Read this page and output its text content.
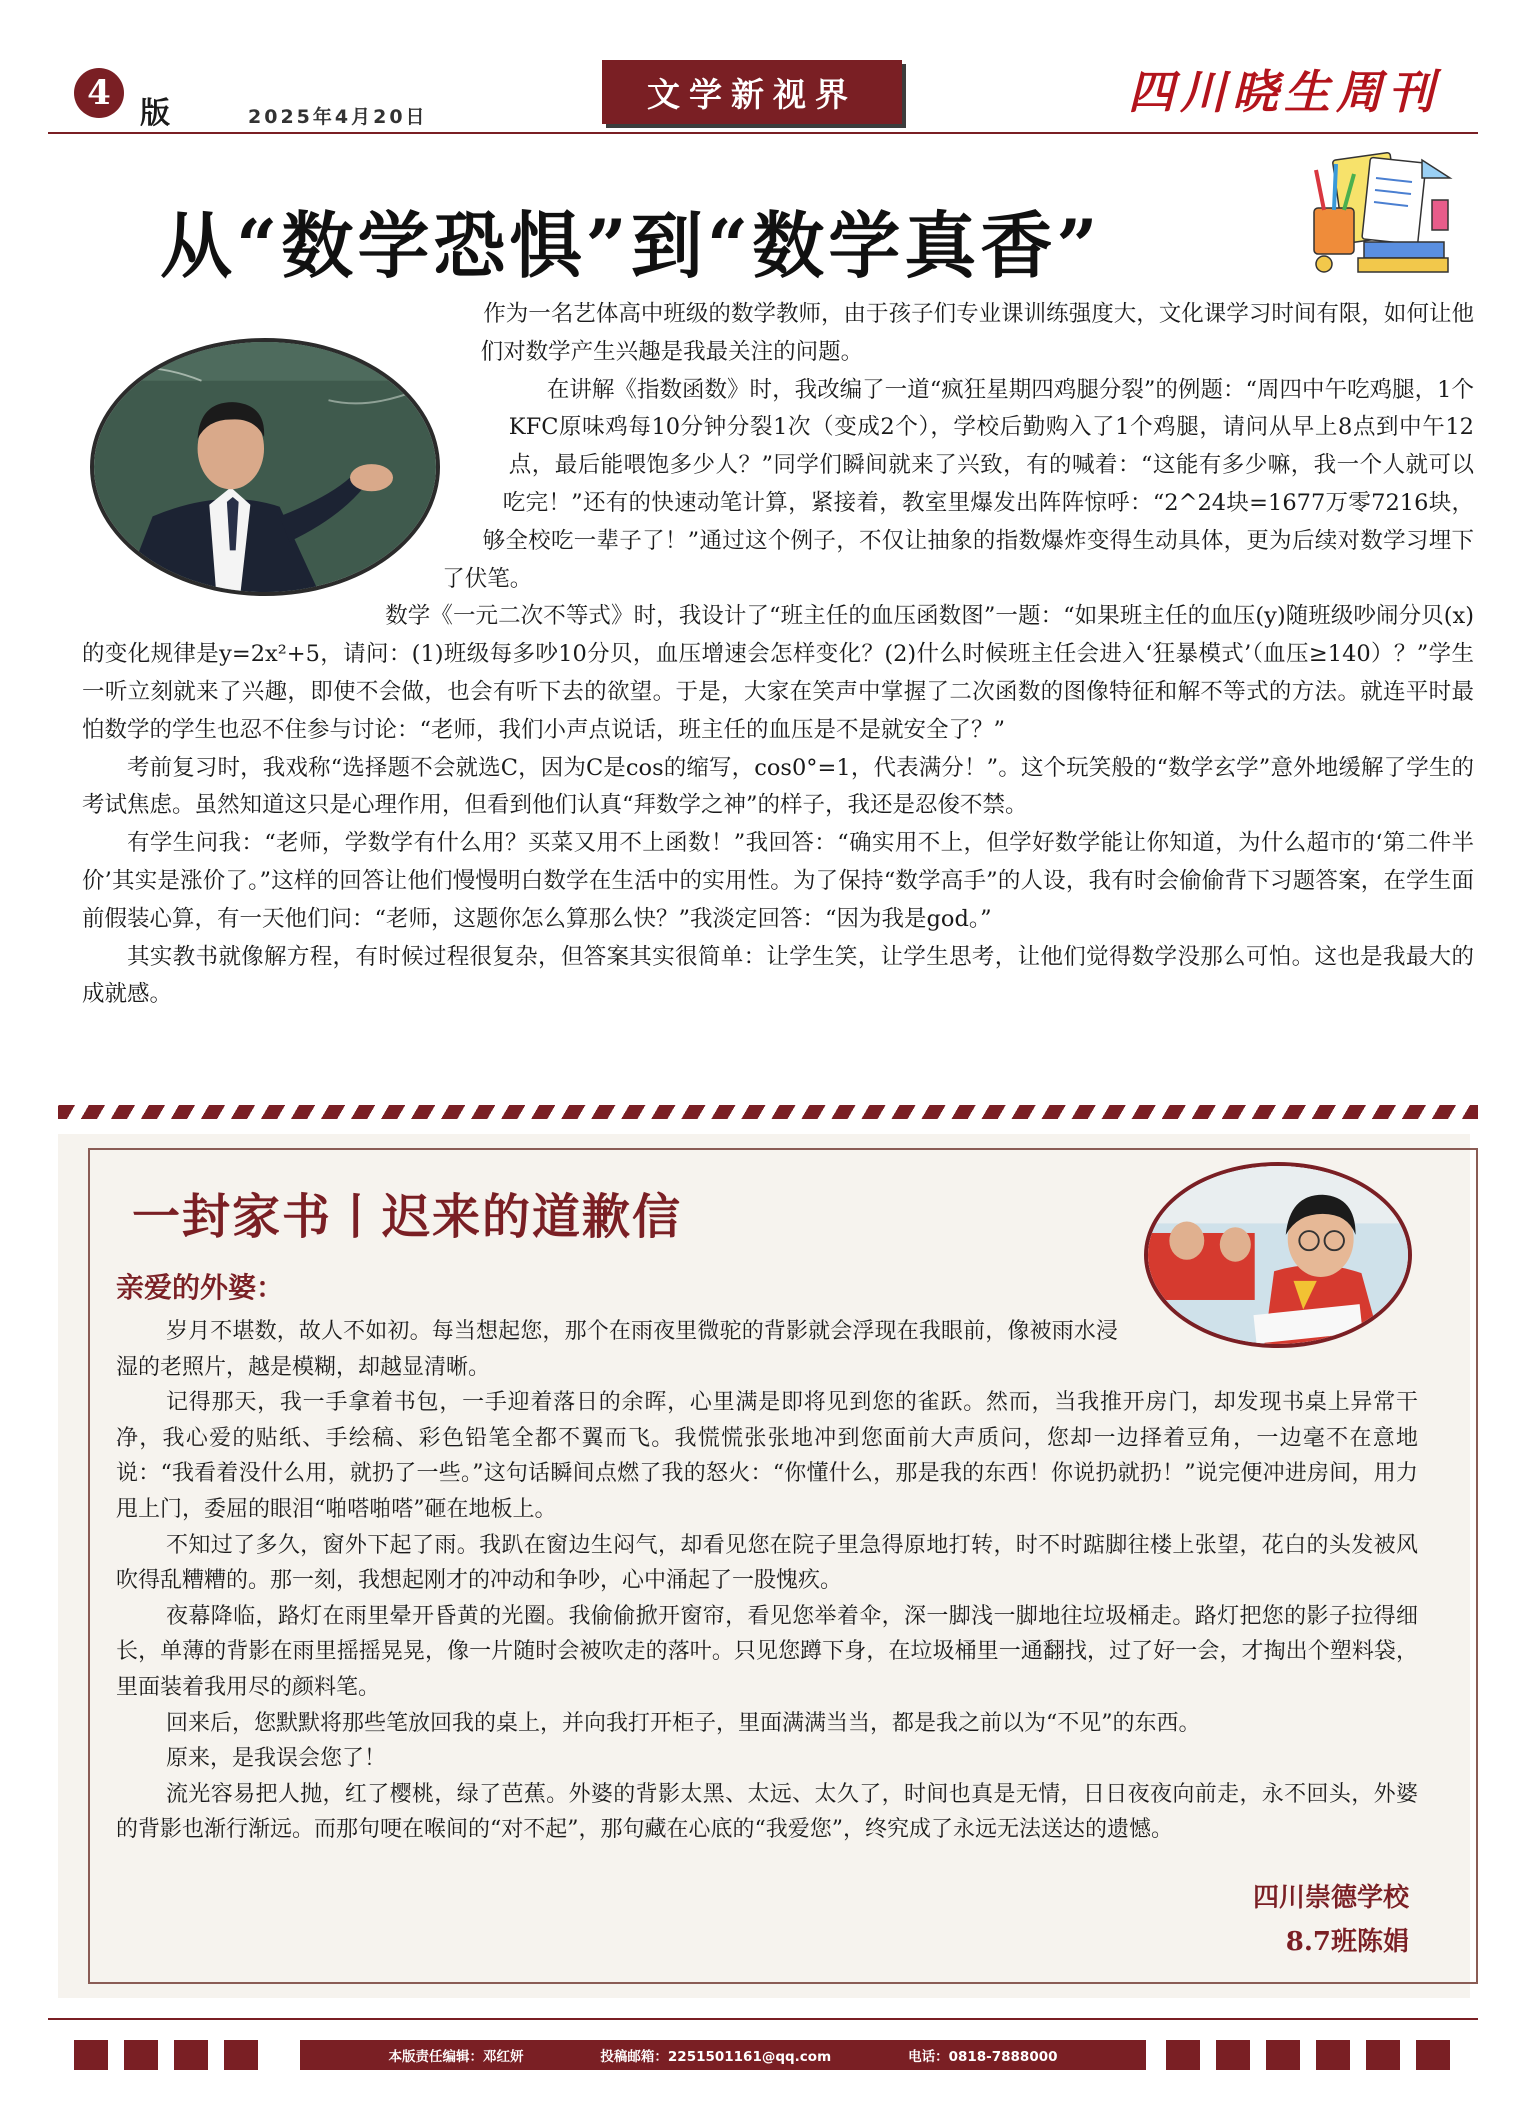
4
版	2025年4月20日
文学新视界	四川晓生周刊
从“数学恐惧”到“数学真香”

作为一名艺体高中班级的数学教师，由于孩子们专业课训练强度大，文化课学习时间有限，如何让他们对数学产生兴趣是我最关注的问题。

在讲解《指数函数》时，我改编了一道“疯狂星期四鸡腿分裂”的例题：“周四中午吃鸡腿，1个KFC原味鸡每10分钟分裂1次（变成2个），学校后勤购入了1个鸡腿，请问从早上8点到中午12点，最后能喂饱多少人？”同学们瞬间就来了兴致，有的喊着：“这能有多少嘛，我一个人就可以吃完！”还有的快速动笔计算，紧接着，教室里爆发出阵阵惊呼：“2^24块=1677万零7216块，够全校吃一辈子了！”通过这个例子，不仅让抽象的指数爆炸变得生动具体，更为后续对数学习埋下了伏笔。

数学《一元二次不等式》时，我设计了“班主任的血压函数图”一题：“如果班主任的血压(y)随班级吵闹分贝(x)的变化规律是y=2x²+5，请问：(1)班级每多吵10分贝，血压增速会怎样变化？(2)什么时候班主任会进入‘狂暴模式’（血压≥140）？”学生一听立刻就来了兴趣，即使不会做，也会有听下去的欲望。于是，大家在笑声中掌握了二次函数的图像特征和解不等式的方法。就连平时最怕数学的学生也忍不住参与讨论：“老师，我们小声点说话，班主任的血压是不是就安全了？”

考前复习时，我戏称“选择题不会就选C，因为C是cos的缩写，cos0°=1，代表满分！”。这个玩笑般的“数学玄学”意外地缓解了学生的考试焦虑。虽然知道这只是心理作用，但看到他们认真“拜数学之神”的样子，我还是忍俊不禁。

有学生问我：“老师，学数学有什么用？买菜又用不上函数！”我回答：“确实用不上，但学好数学能让你知道，为什么超市的‘第二件半价’其实是涨价了。”这样的回答让他们慢慢明白数学在生活中的实用性。为了保持“数学高手”的人设，我有时会偷偷背下习题答案，在学生面前假装心算，有一天他们问：“老师，这题你怎么算那么快？”我淡定回答：“因为我是god。”

其实教书就像解方程，有时候过程很复杂，但答案其实很简单：让学生笑，让学生思考，让他们觉得数学没那么可怕。这也是我最大的成就感。

一封家书丨迟来的道歉信
亲爱的外婆：

岁月不堪数，故人不如初。每当想起您，那个在雨夜里微驼的背影就会浮现在我眼前，像被雨水浸湿的老照片，越是模糊，却越显清晰。

记得那天，我一手拿着书包，一手迎着落日的余晖，心里满是即将见到您的雀跃。然而，当我推开房门，却发现书桌上异常干净，我心爱的贴纸、手绘稿、彩色铅笔全都不翼而飞。我慌慌张张地冲到您面前大声质问，您却一边择着豆角，一边毫不在意地说：“我看着没什么用，就扔了一些。”这句话瞬间点燃了我的怒火：“你懂什么，那是我的东西！你说扔就扔！”说完便冲进房间，用力甩上门，委屈的眼泪“啪嗒啪嗒”砸在地板上。

不知过了多久，窗外下起了雨。我趴在窗边生闷气，却看见您在院子里急得原地打转，时不时踮脚往楼上张望，花白的头发被风吹得乱糟糟的。那一刻，我想起刚才的冲动和争吵，心中涌起了一股愧疚。

夜幕降临，路灯在雨里晕开昏黄的光圈。我偷偷掀开窗帘，看见您举着伞，深一脚浅一脚地往垃圾桶走。路灯把您的影子拉得细长，单薄的背影在雨里摇摇晃晃，像一片随时会被吹走的落叶。只见您蹲下身，在垃圾桶里一通翻找，过了好一会，才掏出个塑料袋，里面装着我用尽的颜料笔。

回来后，您默默将那些笔放回我的桌上，并向我打开柜子，里面满满当当，都是我之前以为“不见”的东西。

原来，是我误会您了！

流光容易把人抛，红了樱桃，绿了芭蕉。外婆的背影太黑、太远、太久了，时间也真是无情，日日夜夜向前走，永不回头，外婆的背影也渐行渐远。而那句哽在喉间的“对不起”，那句藏在心底的“我爱您”，终究成了永远无法送达的遗憾。

四川崇德学校
8.7班陈娟
本版责任编辑：邓红妍	投稿邮箱：2251501161@qq.com	电话：0818-7888000
